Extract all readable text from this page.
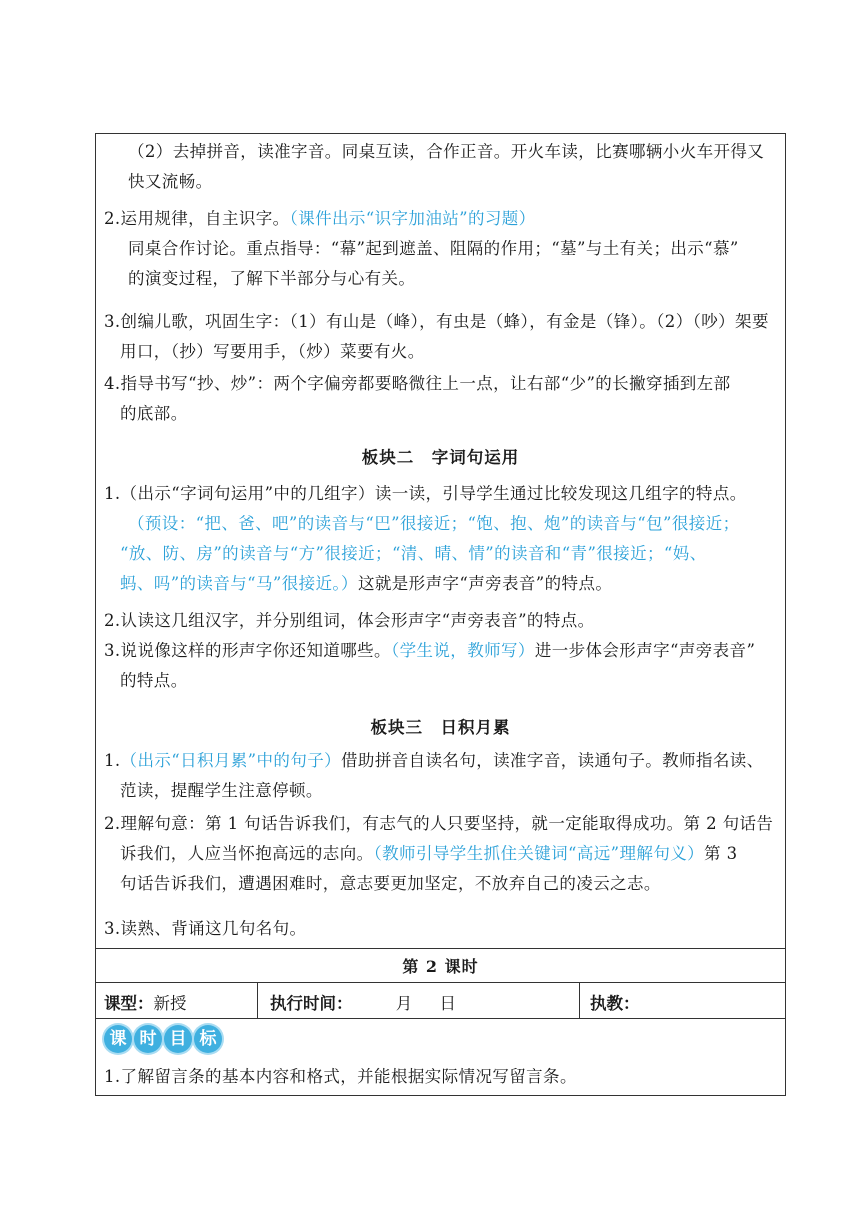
（2）去掉拼音，读准字音。同桌互读，合作正音。开火车读，比赛哪辆小火车开得又
快又流畅。
2.运用规律，自主识字。（课件出示“识字加油站”的习题）
同桌合作讨论。重点指导：“幕”起到遮盖、阻隔的作用；“墓”与土有关；出示“慕”
的演变过程，了解下半部分与心有关。
3.创编儿歌，巩固生字：（1）有山是（峰），有虫是（蜂），有金是（锋）。（2）（吵）架要
用口，（抄）写要用手，（炒）菜要有火。
4.指导书写“抄、炒”：两个字偏旁都要略微往上一点，让右部“少”的长撇穿插到左部
的底部。
板块二　字词句运用
1.（出示“字词句运用”中的几组字）读一读，引导学生通过比较发现这几组字的特点。
（预设：“把、爸、吧”的读音与“巴”很接近；“饱、抱、炮”的读音与“包”很接近；
“放、防、房”的读音与“方”很接近；“清、晴、情”的读音和“青”很接近；“妈、
蚂、吗”的读音与“马”很接近。）这就是形声字“声旁表音”的特点。
2.认读这几组汉字，并分别组词，体会形声字“声旁表音”的特点。
3.说说像这样的形声字你还知道哪些。（学生说，教师写）进一步体会形声字“声旁表音”
的特点。
板块三　日积月累
1.（出示“日积月累”中的句子）借助拼音自读名句，读准字音，读通句子。教师指名读、
范读，提醒学生注意停顿。
2.理解句意：第 1 句话告诉我们，有志气的人只要坚持，就一定能取得成功。第 2 句话告
诉我们，人应当怀抱高远的志向。（教师引导学生抓住关键词“高远”理解句义）第 3
句话告诉我们，遭遇困难时，意志要更加坚定，不放弃自己的凌云之志。
3.读熟、背诵这几句名句。
第 2 课时
课型：新授	执行时间：	月 日	执教：
课 时 目 标
1.了解留言条的基本内容和格式，并能根据实际情况写留言条。
